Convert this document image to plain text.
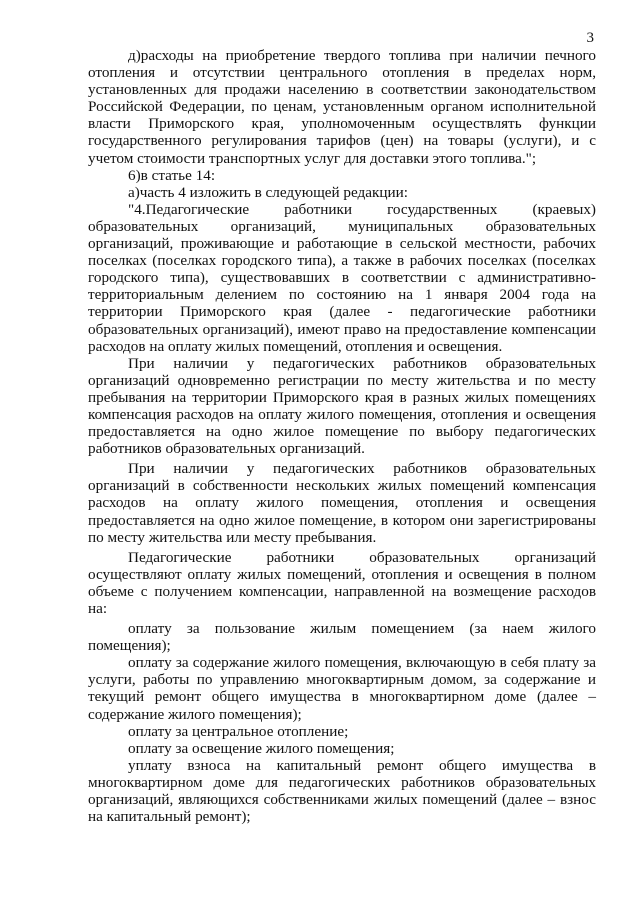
3

д)расходы на приобретение твердого топлива при наличии печного отопления и отсутствии центрального отопления в пределах норм, установленных для продажи населению в соответствии законодательством Российской Федерации, по ценам, установленным органом исполнительной власти Приморского края, уполномоченным осуществлять функции государственного регулирования тарифов (цен) на товары (услуги), и с учетом стоимости транспортных услуг для доставки этого топлива.";

6)в статье 14:

а)часть 4 изложить в следующей редакции:

"4.Педагогические работники государственных (краевых) образовательных организаций, муниципальных образовательных организаций, проживающие и работающие в сельской местности, рабочих поселках (поселках городского типа), а также в рабочих поселках (поселках городского типа), существовавших в соответствии с административно-территориальным делением по состоянию на 1 января 2004 года на территории Приморского края (далее - педагогические работники образовательных организаций), имеют право на предоставление компенсации расходов на оплату жилых помещений, отопления и освещения.

При наличии у педагогических работников образовательных организаций одновременно регистрации по месту жительства и по месту пребывания на территории Приморского края в разных жилых помещениях компенсация расходов на оплату жилого помещения, отопления и освещения предоставляется на одно жилое помещение по выбору педагогических работников образовательных организаций.

При наличии у педагогических работников образовательных организаций в собственности нескольких жилых помещений компенсация расходов на оплату жилого помещения, отопления и освещения предоставляется на одно жилое помещение, в котором они зарегистрированы по месту жительства или месту пребывания.

Педагогические работники образовательных организаций осуществляют оплату жилых помещений, отопления и освещения в полном объеме с получением компенсации, направленной на возмещение расходов на:

оплату за пользование жилым помещением (за наем жилого помещения);

оплату за содержание жилого помещения, включающую в себя плату за услуги, работы по управлению многоквартирным домом, за содержание и текущий ремонт общего имущества в многоквартирном доме (далее – содержание жилого помещения);

оплату за центральное отопление;

оплату за освещение жилого помещения;

уплату взноса на капитальный ремонт общего имущества в многоквартирном доме для педагогических работников образовательных организаций, являющихся собственниками жилых помещений (далее – взнос на капитальный ремонт);
